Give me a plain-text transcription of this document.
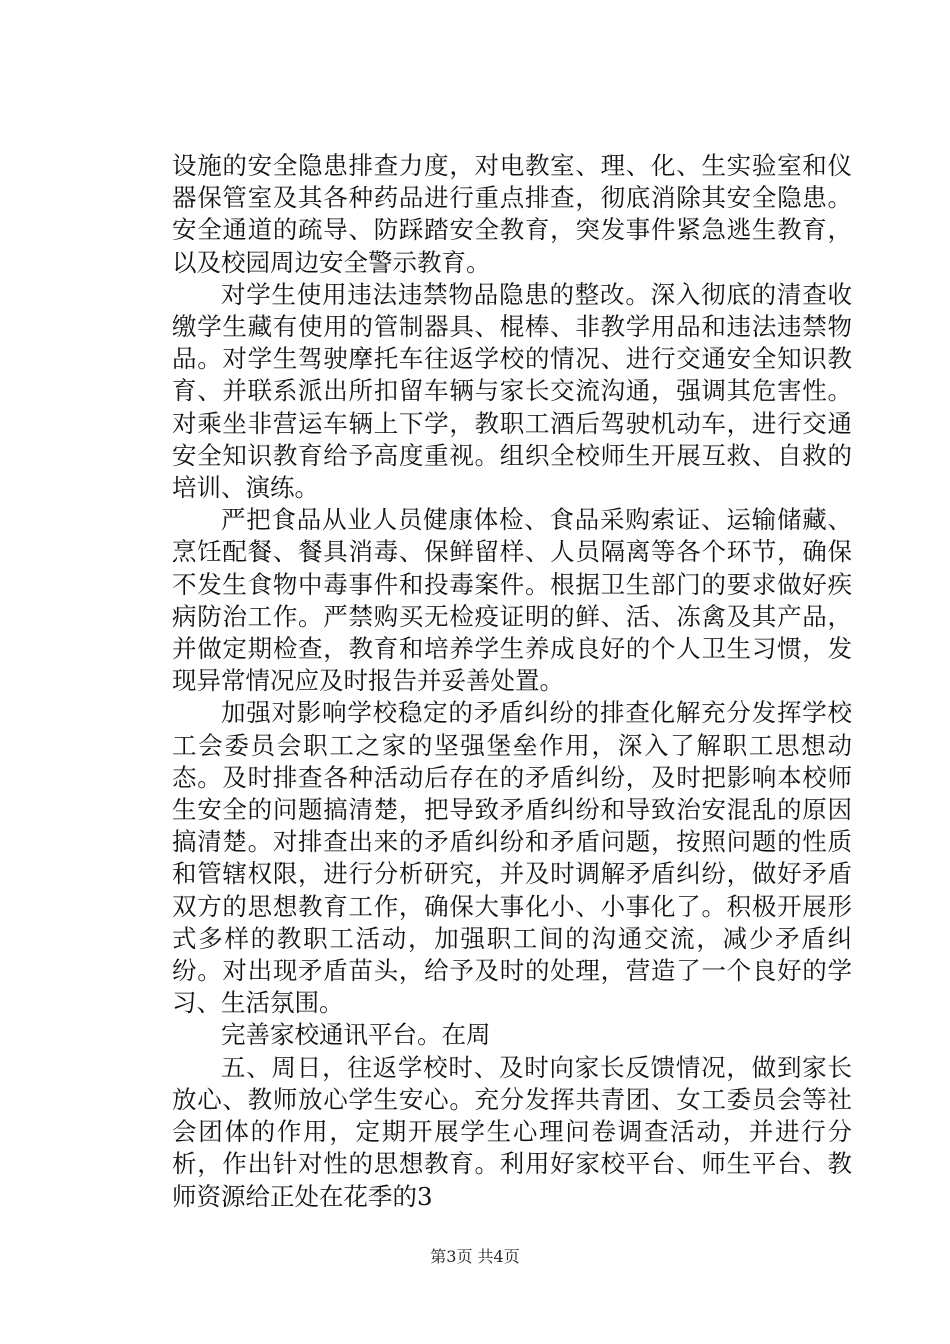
设施的安全隐患排查力度，对电教室、理、化、生实验室和仪器保管室及其各种药品进行重点排查，彻底消除其安全隐患。安全通道的疏导、防踩踏安全教育，突发事件紧急逃生教育，以及校园周边安全警示教育。

对学生使用违法违禁物品隐患的整改。深入彻底的清查收缴学生藏有使用的管制器具、棍棒、非教学用品和违法违禁物品。对学生驾驶摩托车往返学校的情况、进行交通安全知识教育、并联系派出所扣留车辆与家长交流沟通，强调其危害性。对乘坐非营运车辆上下学，教职工酒后驾驶机动车，进行交通安全知识教育给予高度重视。组织全校师生开展互救、自救的培训、演练。

严把食品从业人员健康体检、食品采购索证、运输储藏、烹饪配餐、餐具消毒、保鲜留样、人员隔离等各个环节，确保不发生食物中毒事件和投毒案件。根据卫生部门的要求做好疾病防治工作。严禁购买无检疫证明的鲜、活、冻禽及其产品，并做定期检查，教育和培养学生养成良好的个人卫生习惯，发现异常情况应及时报告并妥善处置。

加强对影响学校稳定的矛盾纠纷的排查化解充分发挥学校工会委员会职工之家的坚强堡垒作用，深入了解职工思想动态。及时排查各种活动后存在的矛盾纠纷，及时把影响本校师生安全的问题搞清楚，把导致矛盾纠纷和导致治安混乱的原因搞清楚。对排查出来的矛盾纠纷和矛盾问题，按照问题的性质和管辖权限，进行分析研究，并及时调解矛盾纠纷，做好矛盾双方的思想教育工作，确保大事化小、小事化了。积极开展形式多样的教职工活动，加强职工间的沟通交流，减少矛盾纠纷。对出现矛盾苗头，给予及时的处理，营造了一个良好的学习、生活氛围。

完善家校通讯平台。在周

五、周日，往返学校时、及时向家长反馈情况，做到家长放心、教师放心学生安心。充分发挥共青团、女工委员会等社会团体的作用，定期开展学生心理问卷调查活动，并进行分析，作出针对性的思想教育。利用好家校平台、师生平台、教师资源给正处在花季的3

第3页 共4页
